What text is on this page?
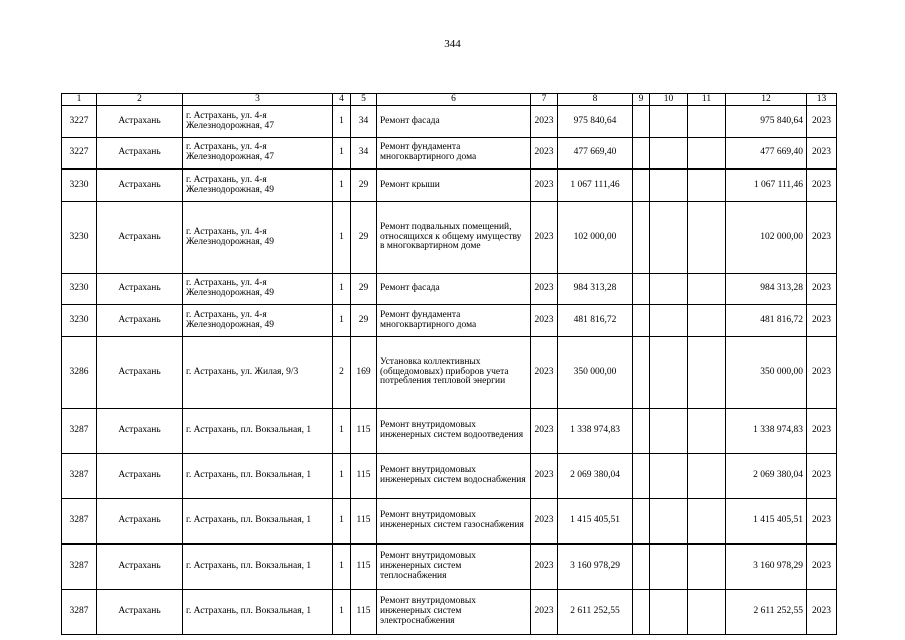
344
1	2	3	4	5	6	7	8	9	10	11	12	13
3227	Астрахань	г. Астрахань, ул. 4-я Железнодорожная, 47	1	34	Ремонт фасада	2023	975 840,64				975 840,64	2023
3227	Астрахань	г. Астрахань, ул. 4-я Железнодорожная, 47	1	34	Ремонт фундамента многоквартирного дома	2023	477 669,40				477 669,40	2023
3230	Астрахань	г. Астрахань, ул. 4-я Железнодорожная, 49	1	29	Ремонт крыши	2023	1 067 111,46				1 067 111,46	2023
3230	Астрахань	г. Астрахань, ул. 4-я Железнодорожная, 49	1	29	Ремонт подвальных помещений, относящихся к общему имуществу в многоквартирном доме	2023	102 000,00				102 000,00	2023
3230	Астрахань	г. Астрахань, ул. 4-я Железнодорожная, 49	1	29	Ремонт фасада	2023	984 313,28				984 313,28	2023
3230	Астрахань	г. Астрахань, ул. 4-я Железнодорожная, 49	1	29	Ремонт фундамента многоквартирного дома	2023	481 816,72				481 816,72	2023
3286	Астрахань	г. Астрахань, ул. Жилая, 9/3	2	169	Установка коллективных (общедомовых) приборов учета потребления тепловой энергии	2023	350 000,00				350 000,00	2023
3287	Астрахань	г. Астрахань, пл. Вокзальная, 1	1	115	Ремонт внутридомовых инженерных систем водоотведения	2023	1 338 974,83				1 338 974,83	2023
3287	Астрахань	г. Астрахань, пл. Вокзальная, 1	1	115	Ремонт внутридомовых инженерных систем водоснабжения	2023	2 069 380,04				2 069 380,04	2023
3287	Астрахань	г. Астрахань, пл. Вокзальная, 1	1	115	Ремонт внутридомовых инженерных систем газоснабжения	2023	1 415 405,51				1 415 405,51	2023
3287	Астрахань	г. Астрахань, пл. Вокзальная, 1	1	115	Ремонт внутридомовых инженерных систем теплоснабжения	2023	3 160 978,29				3 160 978,29	2023
3287	Астрахань	г. Астрахань, пл. Вокзальная, 1	1	115	Ремонт внутридомовых инженерных систем электроснабжения	2023	2 611 252,55				2 611 252,55	2023
